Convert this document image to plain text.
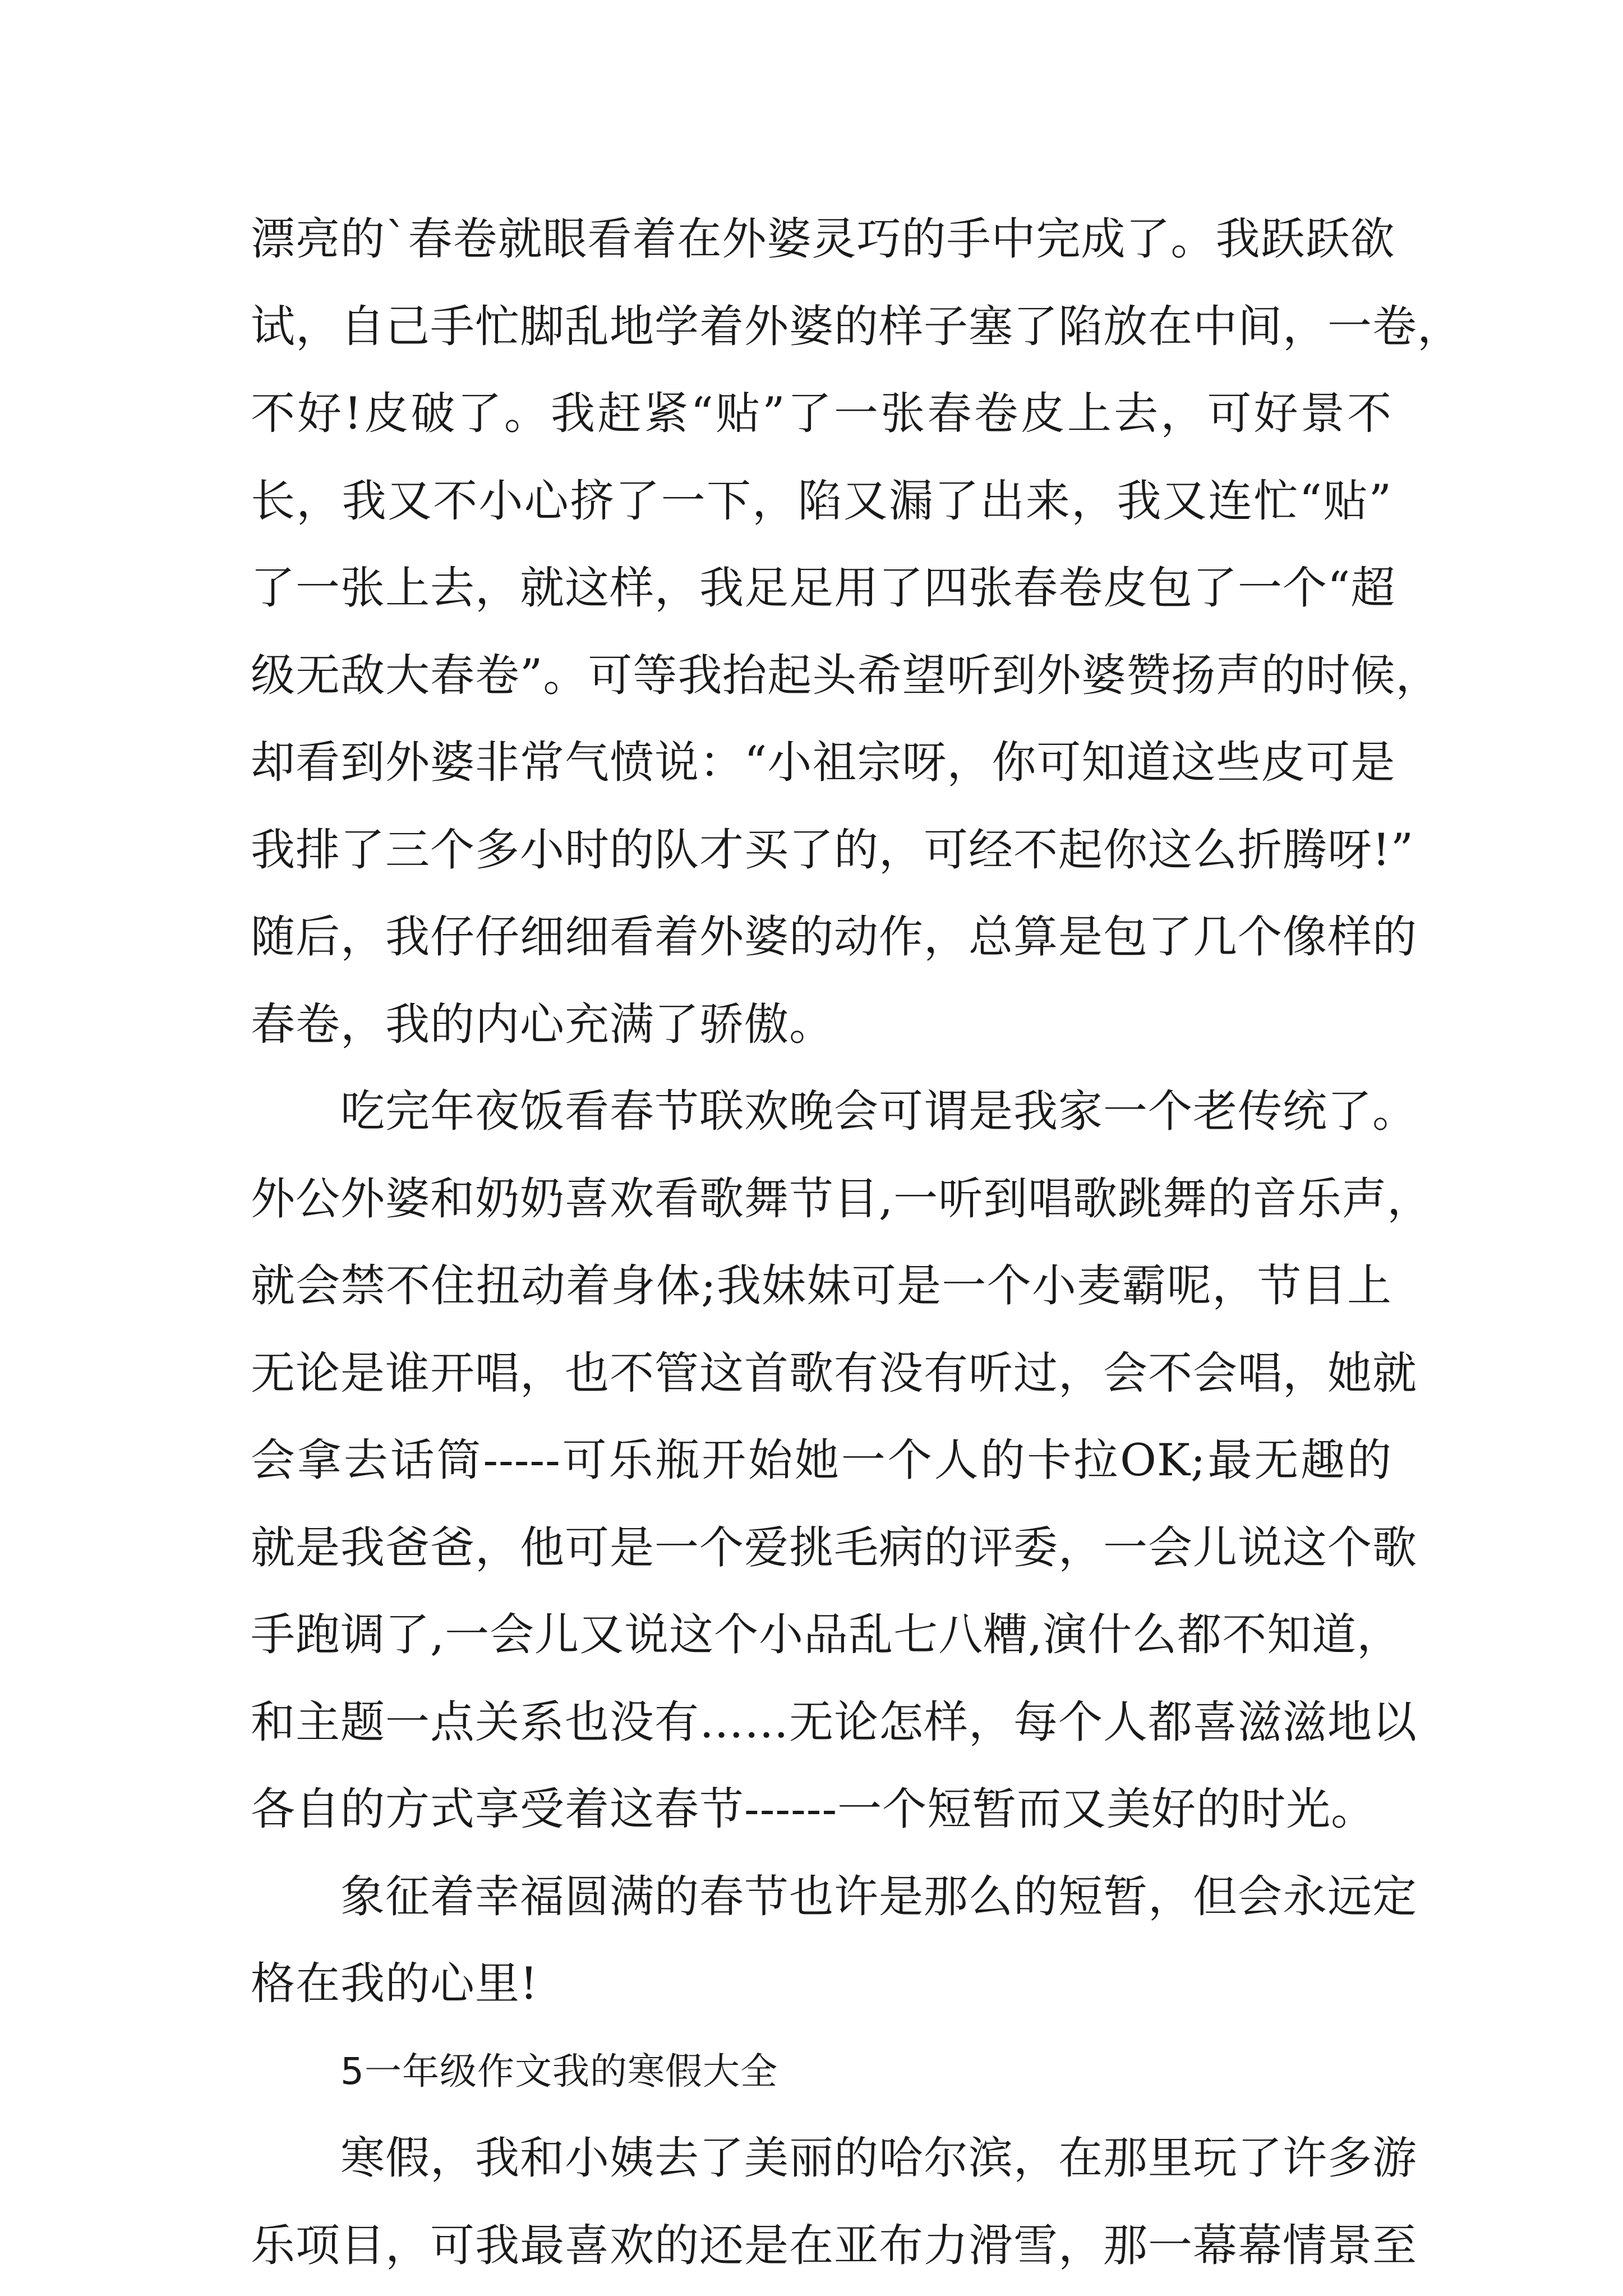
漂亮的`春卷就眼看着在外婆灵巧的手中完成了。我跃跃欲
试，自己手忙脚乱地学着外婆的样子塞了陷放在中间，一卷，
不好!皮破了。我赶紧“贴”了一张春卷皮上去，可好景不
长，我又不小心挤了一下，陷又漏了出来，我又连忙“贴”
了一张上去，就这样，我足足用了四张春卷皮包了一个“超
级无敌大春卷”。可等我抬起头希望听到外婆赞扬声的时候，
却看到外婆非常气愤说：“小祖宗呀，你可知道这些皮可是
我排了三个多小时的队才买了的，可经不起你这么折腾呀!”
随后，我仔仔细细看着外婆的动作，总算是包了几个像样的
春卷，我的内心充满了骄傲。
吃完年夜饭看春节联欢晚会可谓是我家一个老传统了。
外公外婆和奶奶喜欢看歌舞节目,一听到唱歌跳舞的音乐声，
就会禁不住扭动着身体;我妹妹可是一个小麦霸呢，节目上
无论是谁开唱，也不管这首歌有没有听过，会不会唱，她就
会拿去话筒-----可乐瓶开始她一个人的卡拉OK;最无趣的
就是我爸爸，他可是一个爱挑毛病的评委，一会儿说这个歌
手跑调了,一会儿又说这个小品乱七八糟,演什么都不知道，
和主题一点关系也没有……无论怎样，每个人都喜滋滋地以
各自的方式享受着这春节------一个短暂而又美好的时光。
象征着幸福圆满的春节也许是那么的短暂，但会永远定
格在我的心里!
5一年级作文我的寒假大全
寒假，我和小姨去了美丽的哈尔滨，在那里玩了许多游
乐项目，可我最喜欢的还是在亚布力滑雪，那一幕幕情景至
